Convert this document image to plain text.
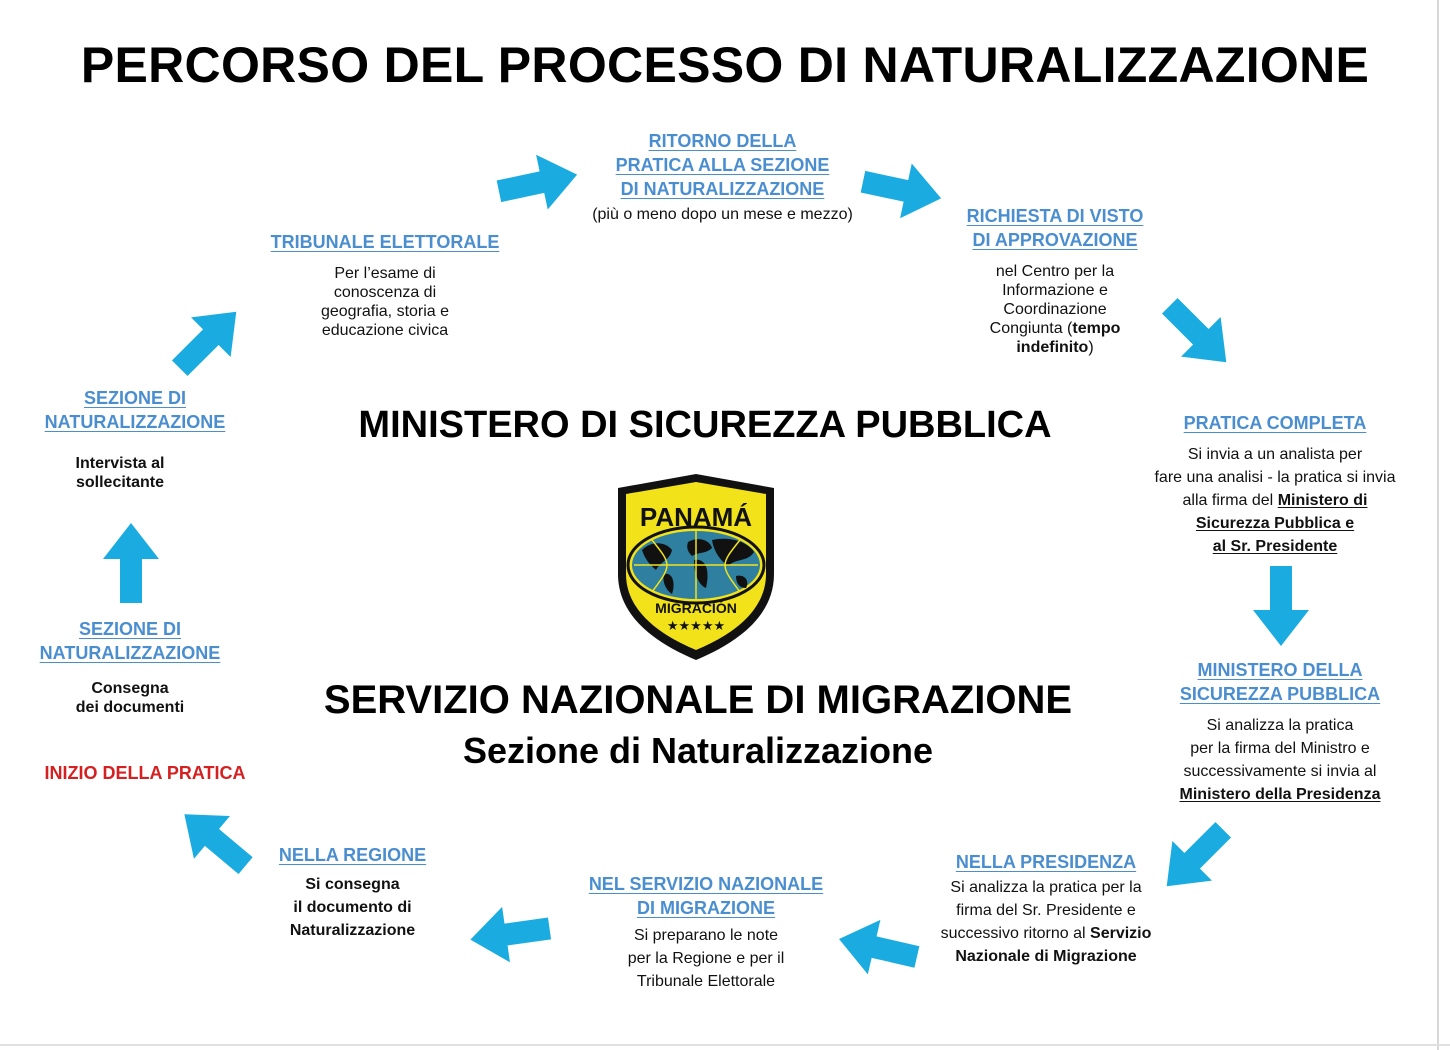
PERCORSO DEL PROCESSO DI NATURALIZZAZIONE
MINISTERO DI SICUREZZA PUBBLICA
PANAMÁ
MIGRACIÓN
★★★★★
SERVIZIO NAZIONALE DI MIGRAZIONE
Sezione di Naturalizzazione
SEZIONE DI
NATURALIZZAZIONE
Consegna
dei documenti
INIZIO DELLA PRATICA
SEZIONE DI
NATURALIZZAZIONE
Intervista al
sollecitante
TRIBUNALE ELETTORALE
Per l’esame di
conoscenza di
geografia, storia e
educazione civica
RITORNO DELLA
PRATICA ALLA SEZIONE
DI NATURALIZZAZIONE
(più o meno dopo un mese e mezzo)	RICHIESTA DI VISTO
DI APPROVAZIONE
nel Centro per la
Informazione e
Coordinazione
Congiunta (tempo
indefinito)
PRATICA COMPLETA
Si invia a un analista per
fare una analisi - la pratica si invia
alla firma del Ministero di
Sicurezza Pubblica e
al Sr. Presidente
MINISTERO DELLA
SICUREZZA PUBBLICA
Si analizza la pratica
per la firma del Ministro e
successivamente si invia al
Ministero della Presidenza
NELLA PRESIDENZA
Si analizza la pratica per la
firma del Sr. Presidente e
successivo ritorno al Servizio
Nazionale di Migrazione
NEL SERVIZIO NAZIONALE
DI MIGRAZIONE
Si preparano le note
per la Regione e per il
Tribunale Elettorale
NELLA REGIONE
Si consegna
il documento di
Naturalizzazione
